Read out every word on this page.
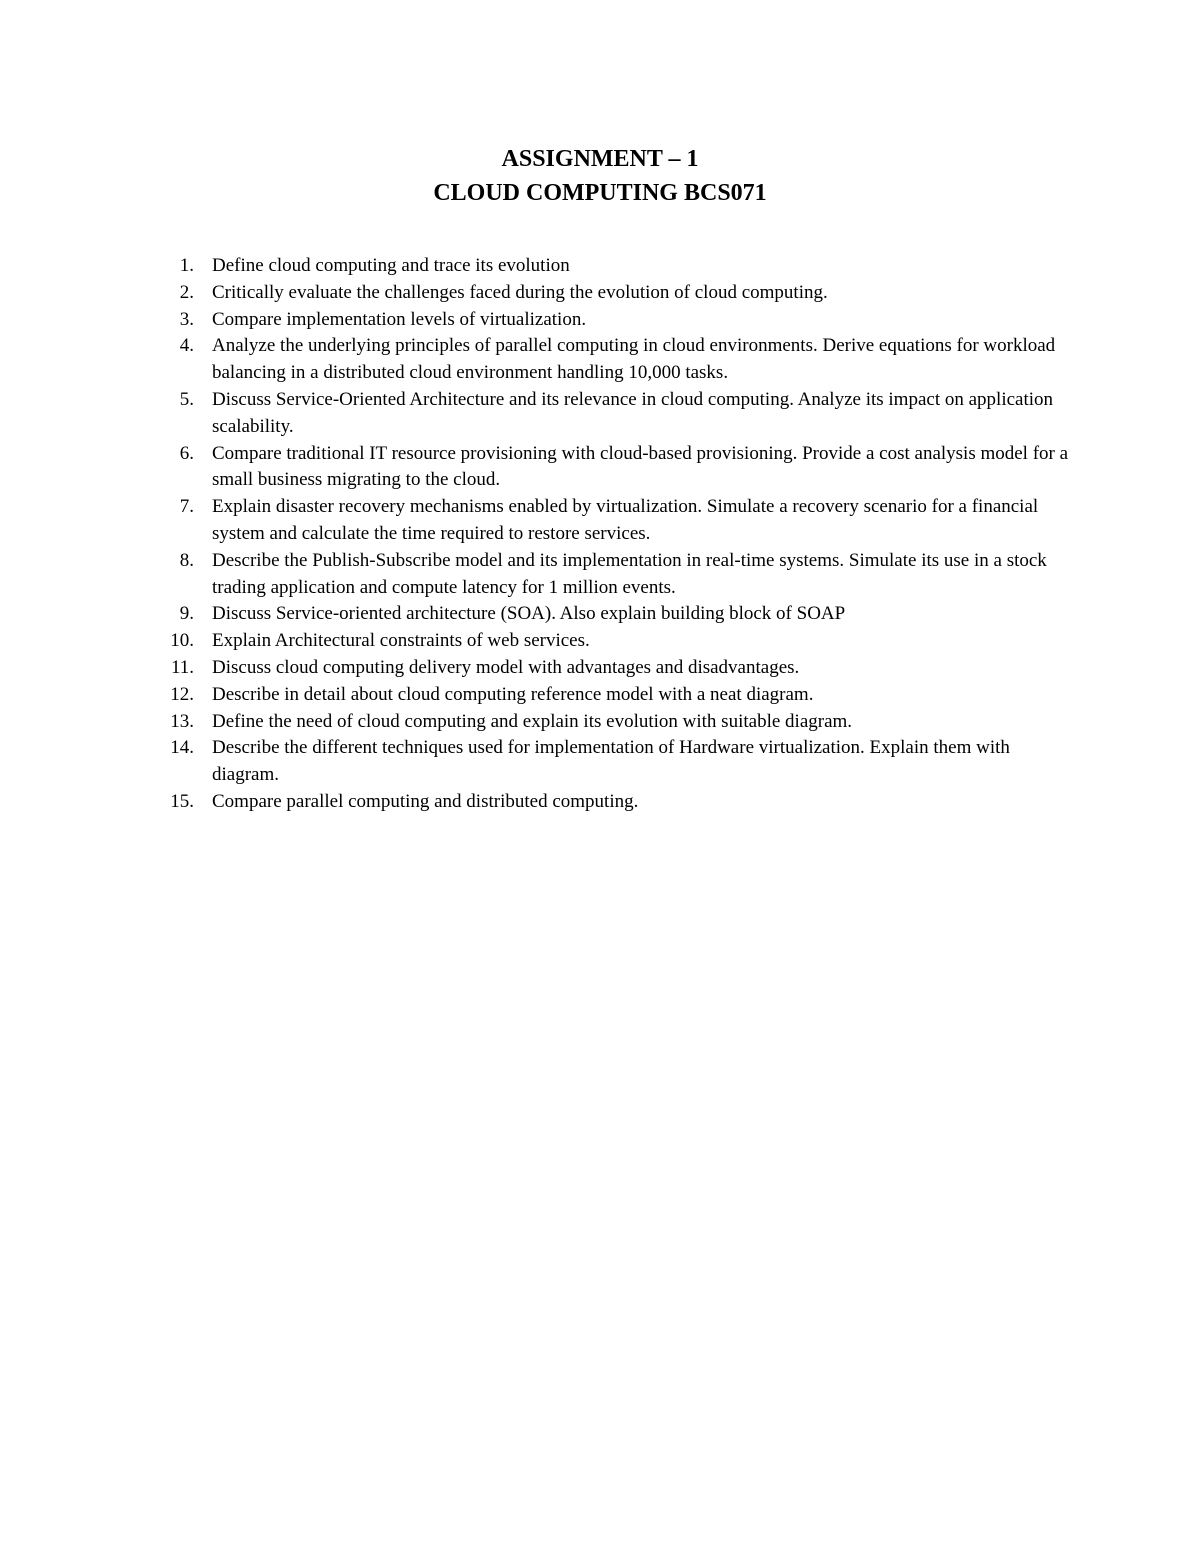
ASSIGNMENT – 1
CLOUD COMPUTING BCS071
1. Define cloud computing and trace its evolution
2. Critically evaluate the challenges faced during the evolution of cloud computing.
3. Compare implementation levels of virtualization.
4. Analyze the underlying principles of parallel computing in cloud environments. Derive equations for workload balancing in a distributed cloud environment handling 10,000 tasks.
5. Discuss Service-Oriented Architecture and its relevance in cloud computing. Analyze its impact on application scalability.
6. Compare traditional IT resource provisioning with cloud-based provisioning. Provide a cost analysis model for a small business migrating to the cloud.
7. Explain disaster recovery mechanisms enabled by virtualization. Simulate a recovery scenario for a financial system and calculate the time required to restore services.
8. Describe the Publish-Subscribe model and its implementation in real-time systems. Simulate its use in a stock trading application and compute latency for 1 million events.
9. Discuss Service-oriented architecture (SOA). Also explain building block of SOAP
10. Explain Architectural constraints of web services.
11. Discuss cloud computing delivery model with advantages and disadvantages.
12. Describe in detail about cloud computing reference model with a neat diagram.
13. Define the need of cloud computing and explain its evolution with suitable diagram.
14. Describe the different techniques used for implementation of Hardware virtualization. Explain them with diagram.
15. Compare parallel computing and distributed computing.
